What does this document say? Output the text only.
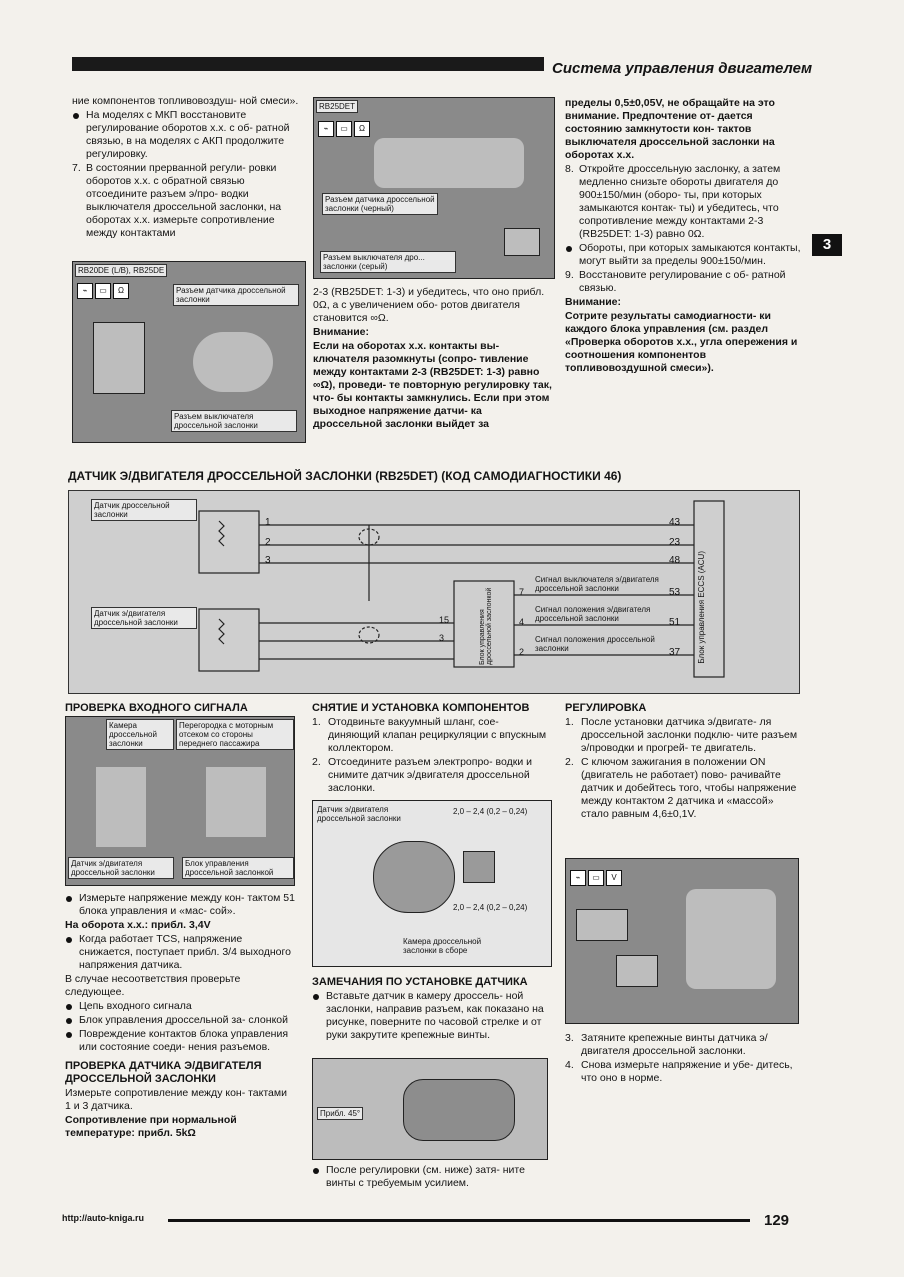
Система управления двигателем
3

ние компонентов топливовоздуш- ной смеси».

На моделях с МКП восстановите регулирование оборотов х.х. с об- ратной связью, в на моделях с АКП продолжите регулировку.

7. В состоянии прерванной регули- ровки оборотов х.х. с обратной связью отсоедините разъем э/про- водки выключателя дроссельной заслонки, на оборотах х.х. измерьте сопротивление между контактами

RB20DE (L/B), RB25DE
⌁ ▭ Ω	Разъем датчика дроссельной заслонки
Разъем выключателя дроссельной заслонки
RB25DET
⌁ ▭ Ω
Разъем датчика дроссельной заслонки (черный)
Разъем выключателя дро... заслонки (серый)

2-3 (RB25DET: 1-3) и убедитесь, что оно прибл. 0Ω, а с увеличением обо- ротов двигателя становится ∞Ω.

Внимание:

Если на оборотах х.х. контакты вы- ключателя разомкнуты (сопро- тивление между контактами 2-3 (RB25DET: 1-3) равно ∞Ω), проведи- те повторную регулировку так, что- бы контакты замкнулись. Если при этом выходное напряжение датчи- ка дроссельной заслонки выйдет за

пределы 0,5±0,05V, не обращайте на это внимание. Предпочтение от- дается состоянию замкнутости кон- тактов выключателя дроссельной заслонки на оборотах х.х.

8. Откройте дроссельную заслонку, а затем медленно снизьте обороты двигателя до 900±150/мин (оборо- ты, при которых замыкаются контак- ты) и убедитесь, что сопротивление между контактами 2-3 (RB25DET: 1-3) равно 0Ω.

Обороты, при которых замыкаются контакты, могут выйти за пределы 900±150/мин.

9. Восстановите регулирование с об- ратной связью.

Внимание:

Сотрите результаты самодиагности- ки каждого блока управления (см. раздел «Проверка оборотов х.х., угла опережения и соотношения компонентов топливовоздушной смеси»).

ДАТЧИК Э/ДВИГАТЕЛЯ ДРОССЕЛЬНОЙ ЗАСЛОНКИ (RB25DET) (КОД САМОДИАГНОСТИКИ 46)
Датчик дроссельной заслонки
Датчик э/двигателя дроссельной заслонки
1
2
3
43
23
48
53
51
37 Блок управления ECCS (ACU)
Блок управления дроссельной заслонкой
15
3
7
4
2
Сигнал выключателя э/двигателя дроссельной заслонки
Сигнал положения э/двигателя дроссельной заслонки
Сигнал положения дроссельной заслонки
ПРОВЕРКА ВХОДНОГО СИГНАЛА
Камера дроссельной заслонки
Перегородка с моторным отсеком со стороны переднего пассажира
Датчик э/двигателя дроссельной заслонки
Блок управления дроссельной заслонкой

Измерьте напряжение между кон- тактом 51 блока управления и «мас- сой».

На оборота х.х.: прибл. 3,4V

Когда работает TCS, напряжение снижается, поступает прибл. 3/4 выходного напряжения датчика.

В случае несоответствия проверьте следующее.

Цепь входного сигнала

Блок управления дроссельной за- слонкой

Повреждение контактов блока управления или состояние соеди- нения разъемов.

ПРОВЕРКА ДАТЧИКА Э/ДВИГАТЕЛЯ ДРОССЕЛЬНОЙ ЗАСЛОНКИ

Измерьте сопротивление между кон- тактами 1 и 3 датчика.

Сопротивление при нормальной температуре: прибл. 5kΩ

СНЯТИЕ И УСТАНОВКА КОМПОНЕНТОВ

1. Отодвиньте вакуумный шланг, сое- диняющий клапан рециркуляции с впускным коллектором.

2. Отсоедините разъем электропро- водки и снимите датчик э/двигателя дроссельной заслонки.

Датчик э/двигателя дроссельной заслонки
2,0 – 2,4 (0,2 – 0,24)
2,0 – 2,4 (0,2 – 0,24)
Камера дроссельной заслонки в сборе
ЗАМЕЧАНИЯ ПО УСТАНОВКЕ ДАТЧИКА

Вставьте датчик в камеру дроссель- ной заслонки, направив разъем, как показано на рисунке, поверните по часовой стрелке и от руки закрутите крепежные винты.

Прибл. 45°

После регулировки (см. ниже) затя- ните винты с требуемым усилием.

РЕГУЛИРОВКА

1. После установки датчика э/двигате- ля дроссельной заслонки подклю- чите разъем э/проводки и прогрей- те двигатель.

2. С ключом зажигания в положении ON (двигатель не работает) пово- рачивайте датчик и добейтесь того, чтобы напряжение между контактом 2 датчика и «массой» стало равным 4,6±0,1V.

⌁ ▭ V

3. Затяните крепежные винты датчика э/двигателя дроссельной заслонки.

4. Снова измерьте напряжение и убе- дитесь, что оно в норме.

http://auto-kniga.ru	129
